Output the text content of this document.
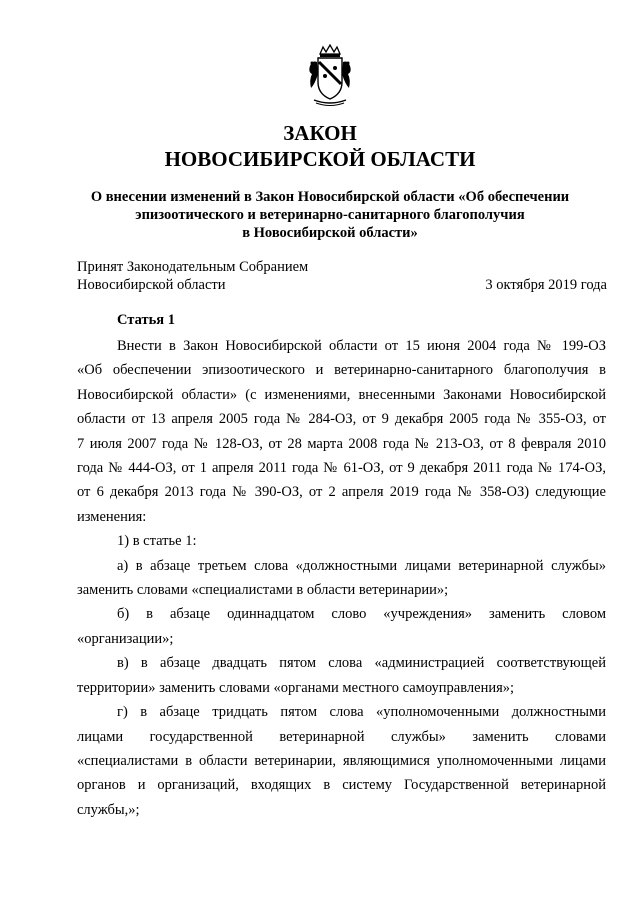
ЗАКОН
НОВОСИБИРСКОЙ ОБЛАСТИ
О внесении изменений в Закон Новосибирской области «Об обеспечении
эпизоотического и ветеринарно-санитарного благополучия
в Новосибирской области»
Принят Законодательным Собранием
Новосибирской области	3 октября 2019 года
Статья 1
Внести в Закон Новосибирской области от 15 июня 2004 года № 199-ОЗ
«Об обеспечении эпизоотического и ветеринарно-санитарного благополучия в
Новосибирской области» (с изменениями, внесенными Законами Новосибирской
области от 13 апреля 2005 года № 284-ОЗ, от 9 декабря 2005 года № 355-ОЗ, от
7 июля 2007 года № 128-ОЗ, от 28 марта 2008 года № 213-ОЗ, от 8 февраля 2010
года № 444-ОЗ, от 1 апреля 2011 года № 61-ОЗ, от 9 декабря 2011 года № 174-ОЗ,
от 6 декабря 2013 года № 390-ОЗ, от 2 апреля 2019 года № 358-ОЗ) следующие
изменения:
1) в статье 1:
а) в абзаце третьем слова «должностными лицами ветеринарной службы»
заменить словами «специалистами в области ветеринарии»;
б) в абзаце одиннадцатом слово «учреждения» заменить словом
«организации»;
в) в абзаце двадцать пятом слова «администрацией соответствующей
территории» заменить словами «органами местного самоуправления»;
г) в абзаце тридцать пятом слова «уполномоченными должностными
лицами государственной ветеринарной службы» заменить словами
«специалистами в области ветеринарии, являющимися уполномоченными лицами
органов и организаций, входящих в систему Государственной ветеринарной
службы,»;
